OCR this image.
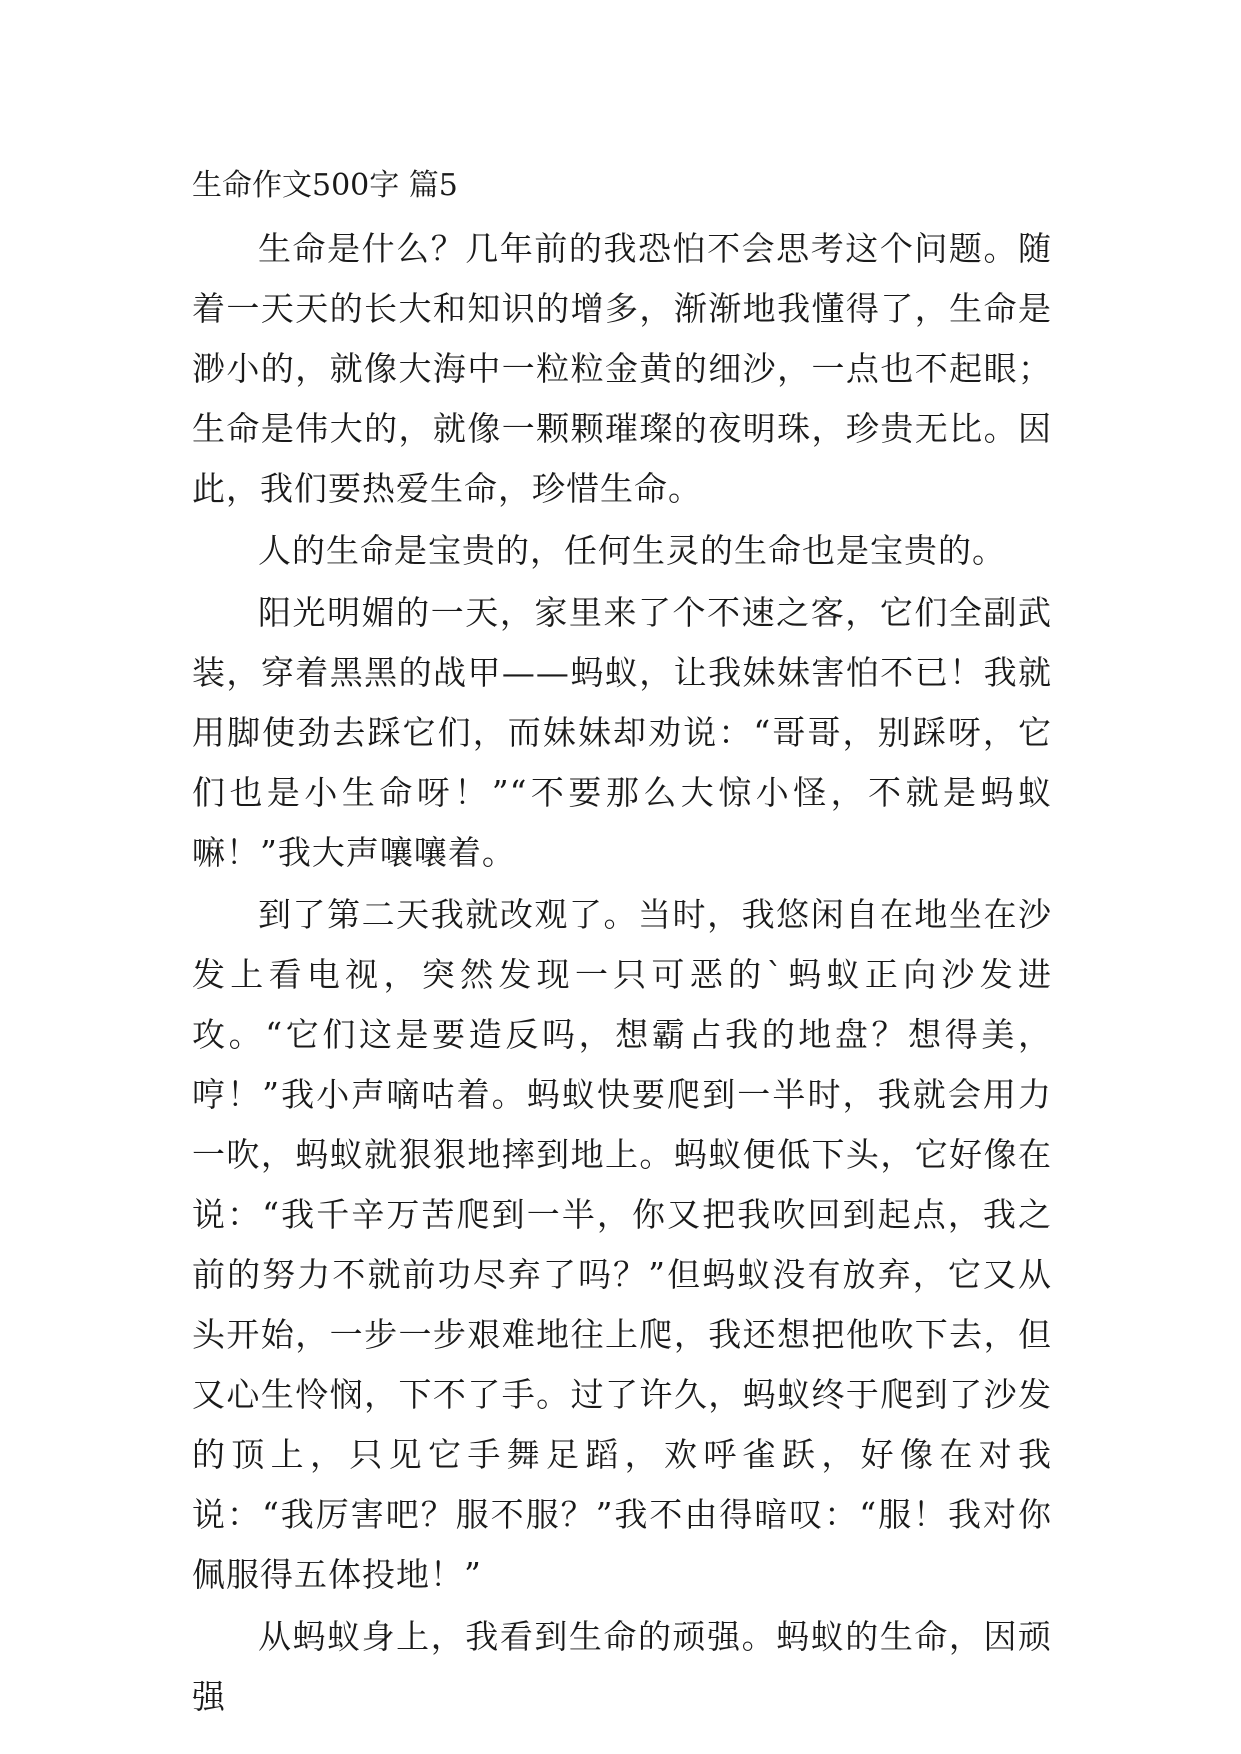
生命作文500字 篇5

生命是什么？几年前的我恐怕不会思考这个问题。随着一天天的长大和知识的增多，渐渐地我懂得了，生命是渺小的，就像大海中一粒粒金黄的细沙，一点也不起眼；生命是伟大的，就像一颗颗璀璨的夜明珠，珍贵无比。因此，我们要热爱生命，珍惜生命。

人的生命是宝贵的，任何生灵的生命也是宝贵的。

阳光明媚的一天，家里来了个不速之客，它们全副武装，穿着黑黑的战甲——蚂蚁，让我妹妹害怕不已！我就用脚使劲去踩它们，而妹妹却劝说：“哥哥，别踩呀，它们也是小生命呀！”“不要那么大惊小怪，不就是蚂蚁嘛！”我大声嚷嚷着。

到了第二天我就改观了。当时，我悠闲自在地坐在沙发上看电视，突然发现一只可恶的`蚂蚁正向沙发进攻。“它们这是要造反吗，想霸占我的地盘？想得美，哼！”我小声嘀咕着。蚂蚁快要爬到一半时，我就会用力一吹，蚂蚁就狠狠地摔到地上。蚂蚁便低下头，它好像在说：“我千辛万苦爬到一半，你又把我吹回到起点，我之前的努力不就前功尽弃了吗？”但蚂蚁没有放弃，它又从头开始，一步一步艰难地往上爬，我还想把他吹下去，但又心生怜悯，下不了手。过了许久，蚂蚁终于爬到了沙发的顶上，只见它手舞足蹈，欢呼雀跃，好像在对我说：“我厉害吧？服不服？”我不由得暗叹：“服！我对你佩服得五体投地！”

从蚂蚁身上，我看到生命的顽强。蚂蚁的生命，因顽强
